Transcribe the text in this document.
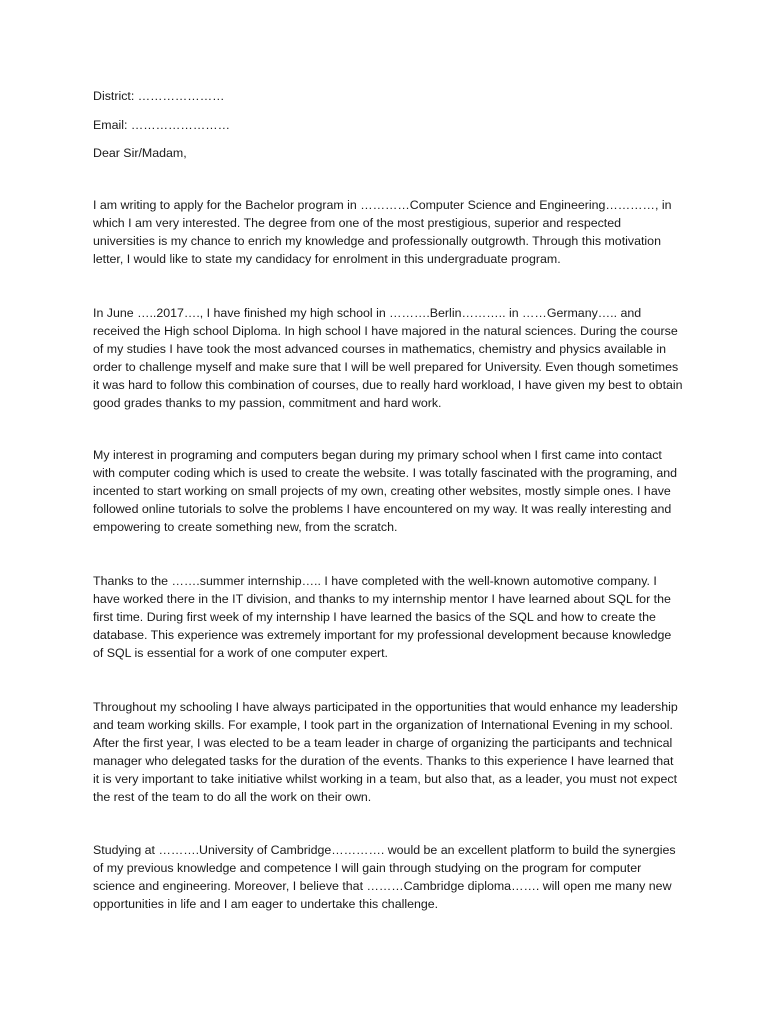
District: …………………

Email: ……………………

Dear Sir/Madam,

I am writing to apply for the Bachelor program in …………Computer Science and Engineering…………, in which I am very interested. The degree from one of the most prestigious, superior and respected universities is my chance to enrich my knowledge and professionally outgrowth. Through this motivation letter, I would like to state my candidacy for enrolment in this undergraduate program.

In June …..2017…., I have finished my high school in ……….Berlin……….. in ……Germany….. and received the High school Diploma. In high school I have majored in the natural sciences. During the course of my studies I have took the most advanced courses in mathematics, chemistry and physics available in order to challenge myself and make sure that I will be well prepared for University. Even though sometimes it was hard to follow this combination of courses, due to really hard workload, I have given my best to obtain good grades thanks to my passion, commitment and hard work.

My interest in programing and computers began during my primary school when I first came into contact with computer coding which is used to create the website. I was totally fascinated with the programing, and incented to start working on small projects of my own, creating other websites, mostly simple ones. I have followed online tutorials to solve the problems I have encountered on my way. It was really interesting and empowering to create something new, from the scratch.

Thanks to the …….summer internship….. I have completed with the well-known automotive company. I have worked there in the IT division, and thanks to my internship mentor I have learned about SQL for the first time. During first week of my internship I have learned the basics of the SQL and how to create the database. This experience was extremely important for my professional development because knowledge of SQL is essential for a work of one computer expert.

Throughout my schooling I have always participated in the opportunities that would enhance my leadership and team working skills. For example, I took part in the organization of International Evening in my school. After the first year, I was elected to be a team leader in charge of organizing the participants and technical manager who delegated tasks for the duration of the events. Thanks to this experience I have learned that it is very important to take initiative whilst working in a team, but also that, as a leader, you must not expect the rest of the team to do all the work on their own.

Studying at ……….University of Cambridge…………. would be an excellent platform to build the synergies of my previous knowledge and competence I will gain through studying on the program for computer science and engineering. Moreover, I believe that ………Cambridge diploma……. will open me many new opportunities in life and I am eager to undertake this challenge.
